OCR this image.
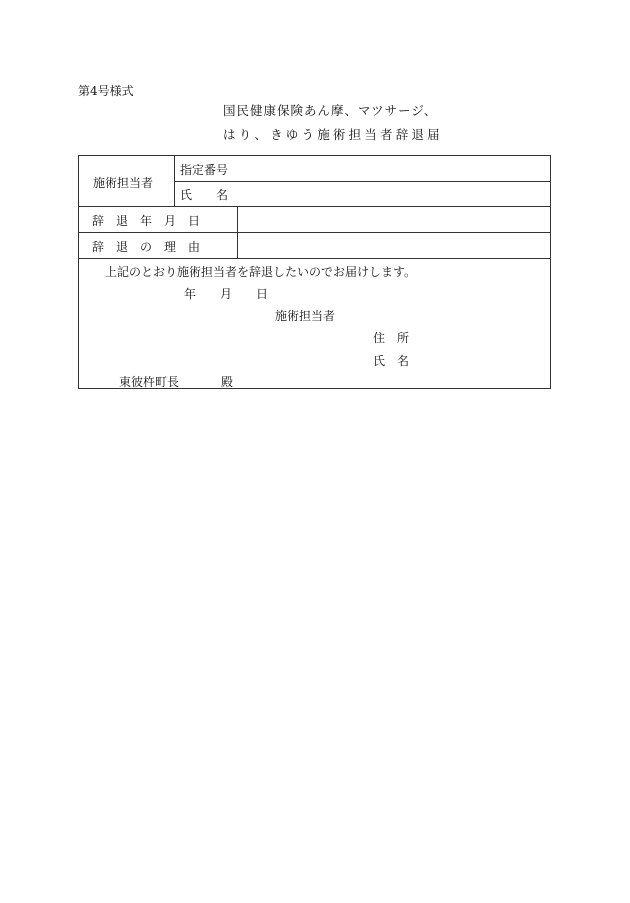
第4号様式
国民健康保険あん摩、マツサージ、
はり、きゆう施術担当者辞退届
施術担当者
指定番号
氏　　名
辞　退　年　月　日
辞　退　の　理　由
上記のとおり施術担当者を辞退したいのでお届けします。
年　　月　　日
施術担当者
住　所
氏　名
東彼杵町長	殿
